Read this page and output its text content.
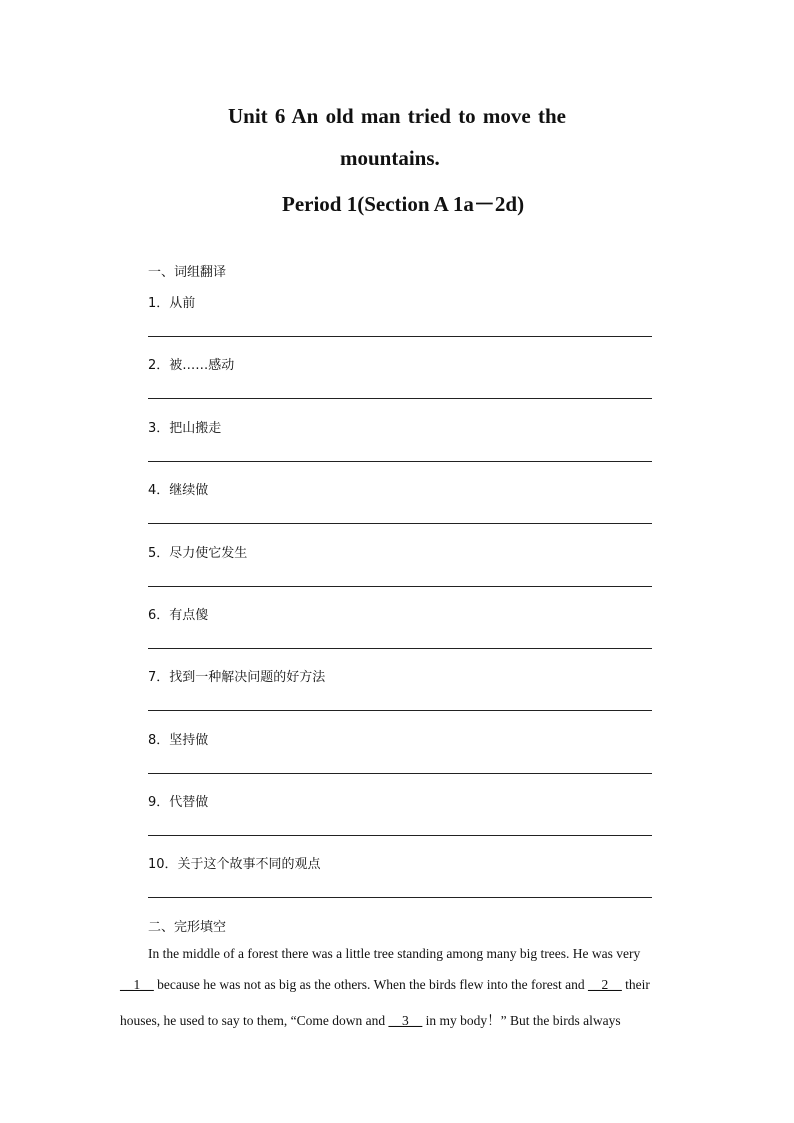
Unit 6 An old man tried to move the
mountains.
Period 1(Section A 1a－2d)
一、词组翻译
1．从前
2．被……感动
3．把山搬走
4．继续做
5．尽力使它发生
6．有点傻
7．找到一种解决问题的好方法
8．坚持做
9．代替做
10．关于这个故事不同的观点
二、完形填空
In the middle of a forest there was a little tree standing among many big trees. He was very
__1__ because he was not as big as the others. When the birds flew into the forest and __2__ their
houses, he used to say to them, “Come down and __3__ in my body！” But the birds always
